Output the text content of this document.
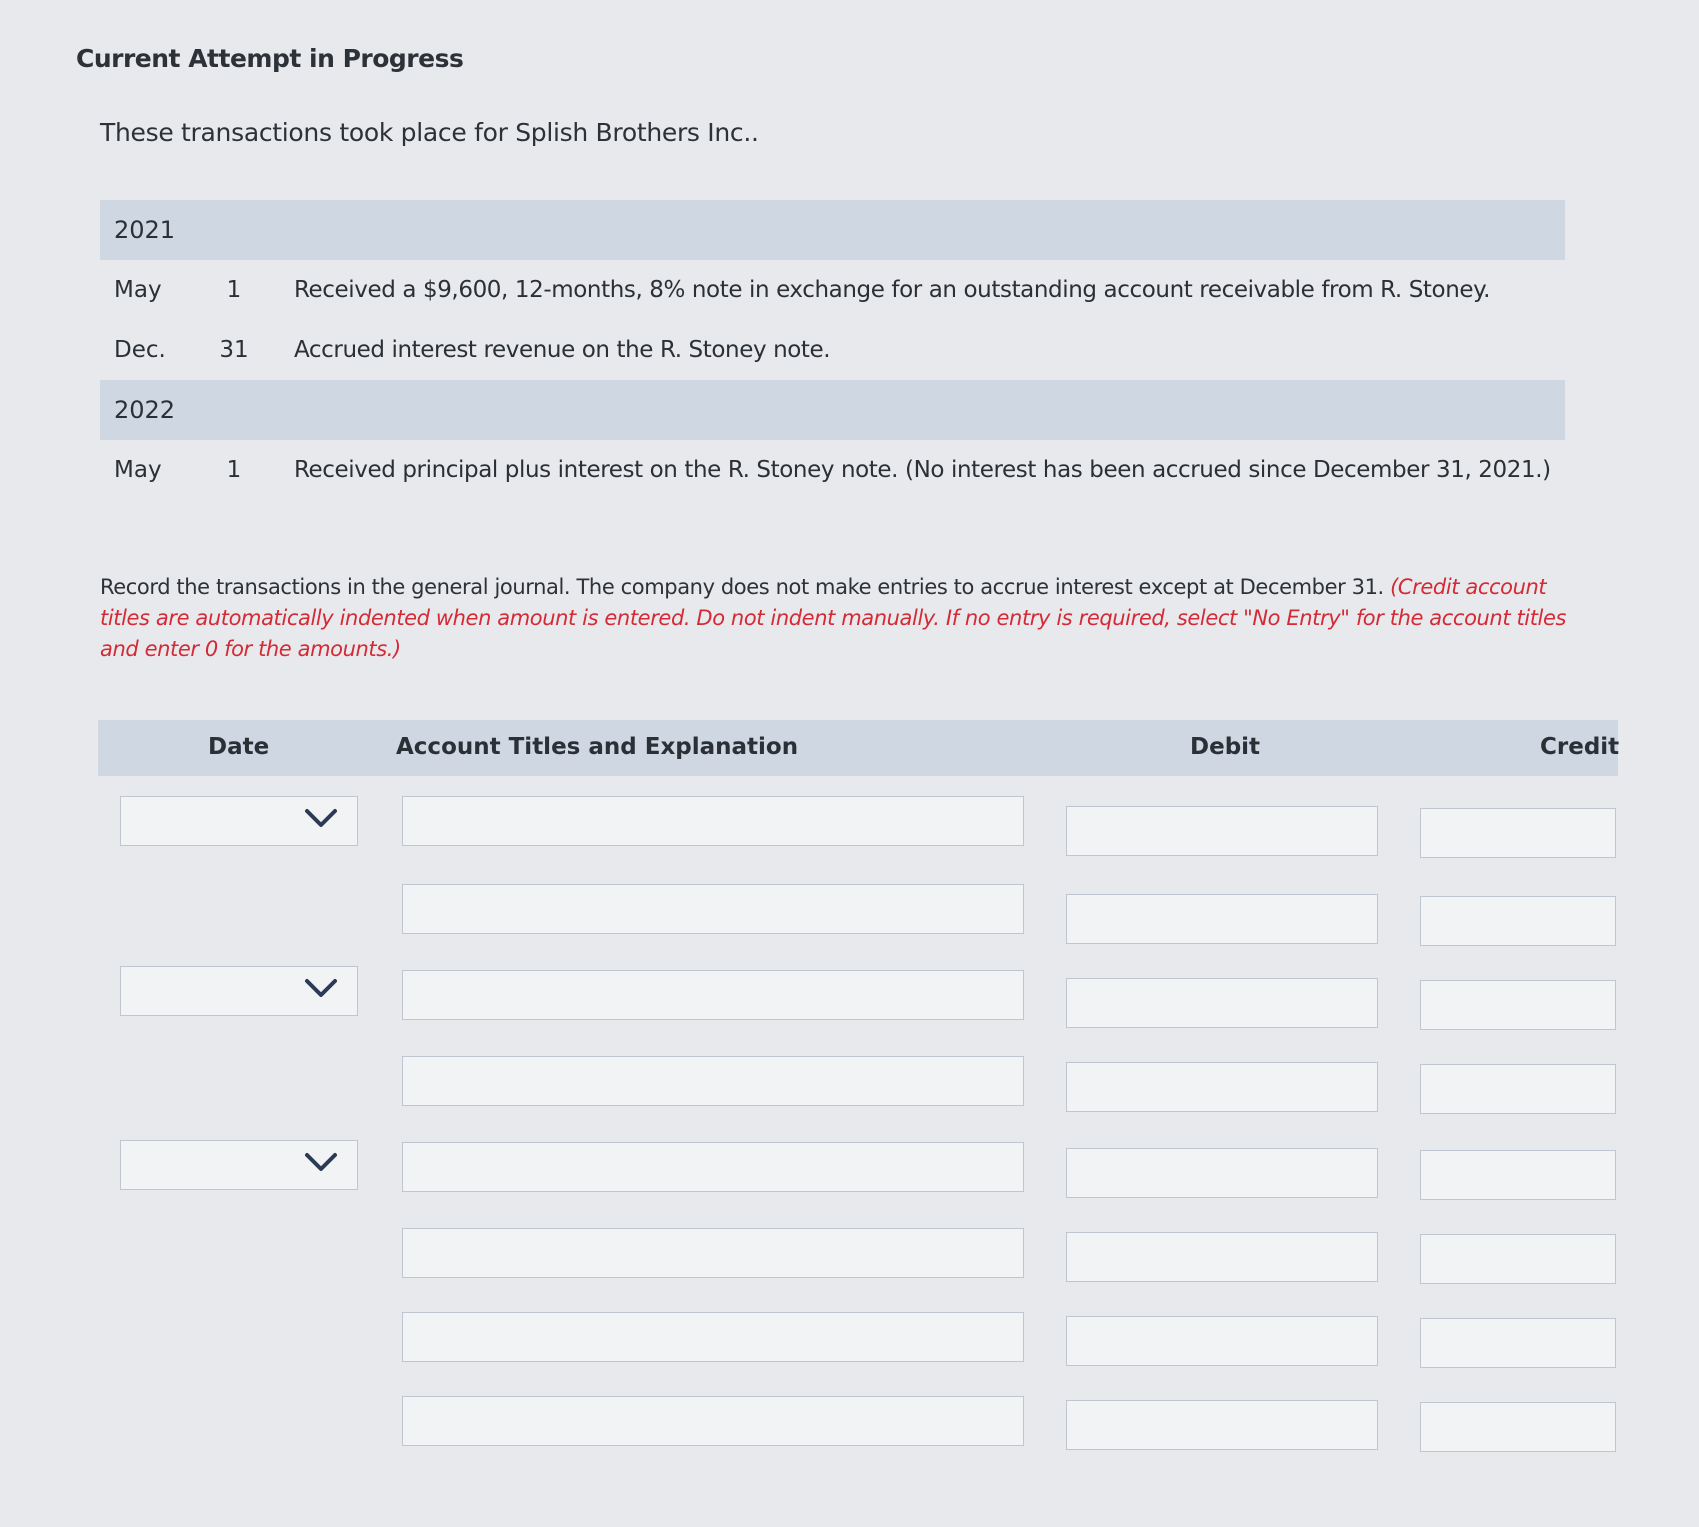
Current Attempt in Progress
These transactions took place for Splish Brothers Inc..
2021
May	1	Received a $9,600, 12-months, 8% note in exchange for an outstanding account receivable from R. Stoney.
Dec.	31	Accrued interest revenue on the R. Stoney note.
2022
May	1	Received principal plus interest on the R. Stoney note. (No interest has been accrued since December 31, 2021.)
Record the transactions in the general journal. The company does not make entries to accrue interest except at December 31. (Credit account titles are automatically indented when amount is entered. Do not indent manually. If no entry is required, select "No Entry" for the account titles and enter 0 for the amounts.)
Date	Account Titles and Explanation	Debit	Credit
